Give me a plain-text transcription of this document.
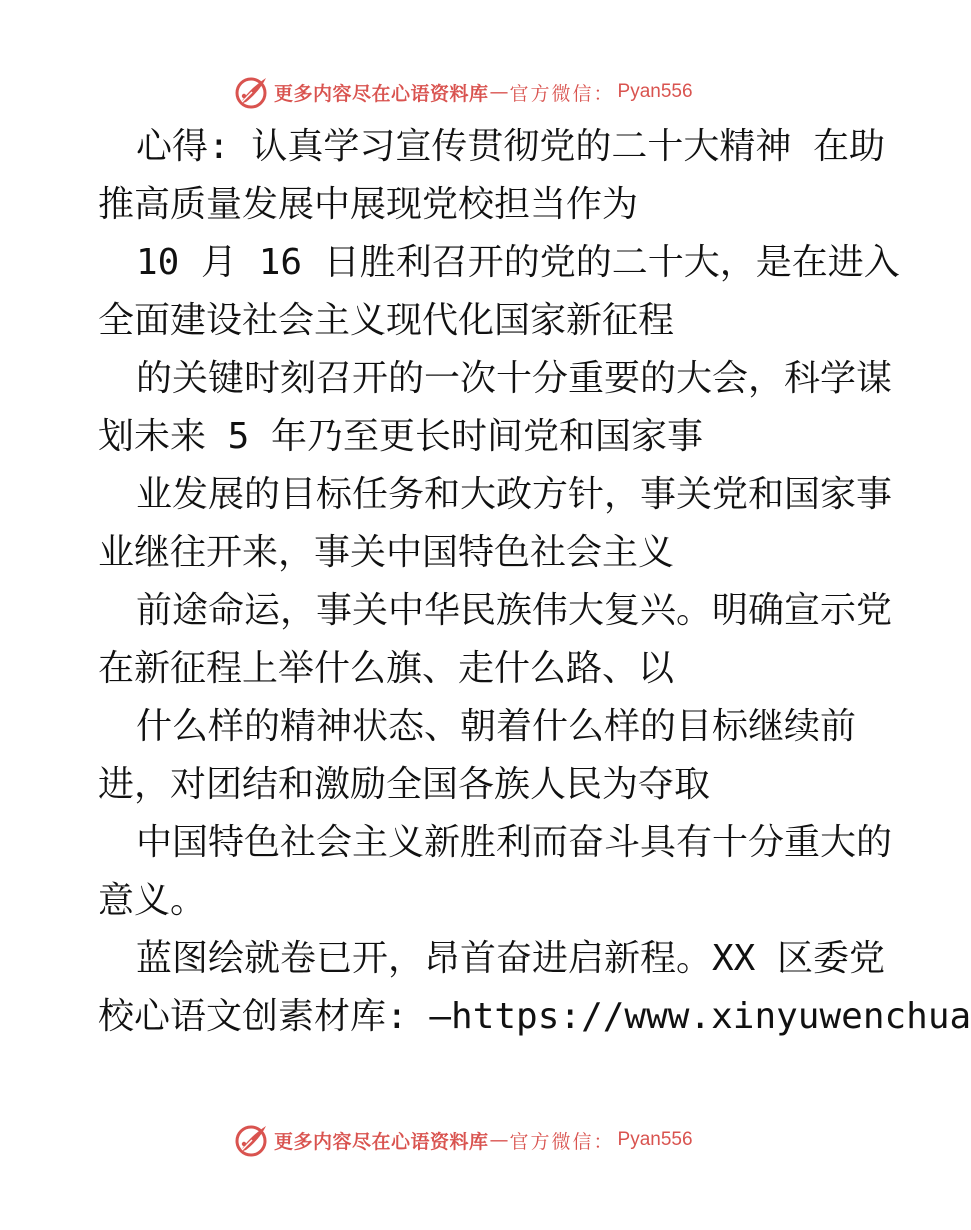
更多内容尽在心语资料库 — 官方微信： Pyan556
心得: 认真学习宣传贯彻党的二十大精神 在助
推高质量发展中展现党校担当作为
10 月 16 日胜利召开的党的二十大，是在进入
全面建设社会主义现代化国家新征程
的关键时刻召开的一次十分重要的大会，科学谋
划未来 5 年乃至更长时间党和国家事
业发展的目标任务和大政方针，事关党和国家事
业继往开来，事关中国特色社会主义
前途命运，事关中华民族伟大复兴。明确宣示党
在新征程上举什么旗、走什么路、以
什么样的精神状态、朝着什么样的目标继续前
进，对团结和激励全国各族人民为夺取
中国特色社会主义新胜利而奋斗具有十分重大的
意义。
蓝图绘就卷已开，昂首奋进启新程。XX 区委党
校心语文创素材库: —https://www.xinyuwenchua
更多内容尽在心语资料库 — 官方微信： Pyan556
